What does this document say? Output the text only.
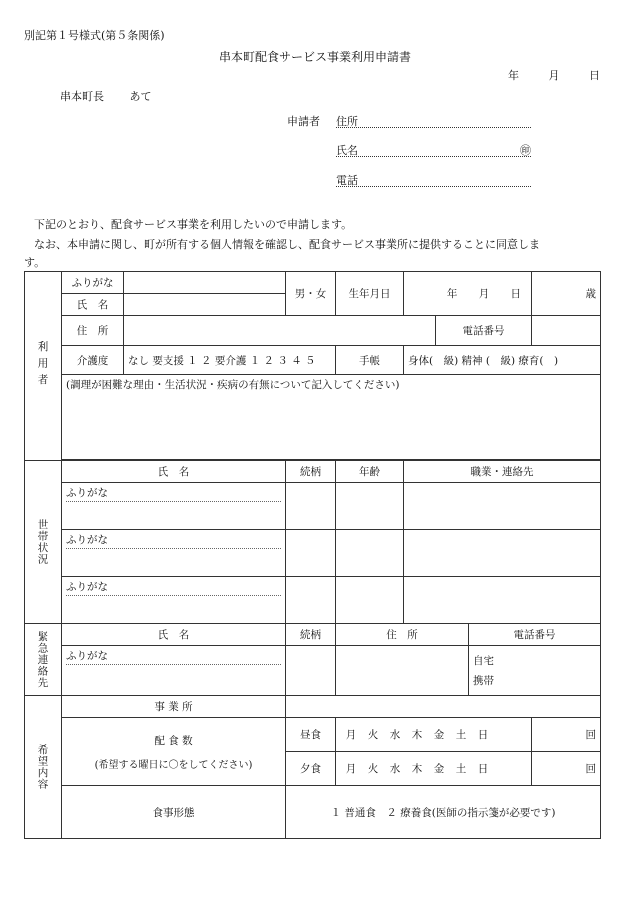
別記第１号様式(第５条関係)
串本町配食サービス事業利用申請書
年	月	日
串本町長 あて
申請者 住所
氏名	㊞
電話
下記のとおり、配食サービス事業を利用したいので申請します。
なお、本申請に関し、町が所有する個人情報を確認し、配食サービス事業所に提供することに同意しま
す。
利用者	ふりがな		男・女	生年月日	年 月 日			歳
	氏　名							
	住　所					電話番号		
	介護度	なし 要支援 １ ２ 要介護 １ ２ ３ ４ ５		手帳	身体(　級) 精神 (　級) 療育(　)			
	(調理が困難な理由・生活状況・疾病の有無について記入してください)							

世帯状況	氏　名		続柄	年齢	職業・連絡先			

	ふりがな							

	ふりがな							

	ふりがな							

緊急連絡先	氏　名		続柄	住　所			電話番号	

	ふりがな						自宅
携帯	

希望内容	事 業 所							

	配 食 数
(希望する曜日に〇をしてください)		昼食	月 火 水 木 金 土 日				回
			夕食	月 火 水 木 金 土 日				回
	食事形態		１ 普通食　２ 療養食(医師の指示箋が必要です)					
